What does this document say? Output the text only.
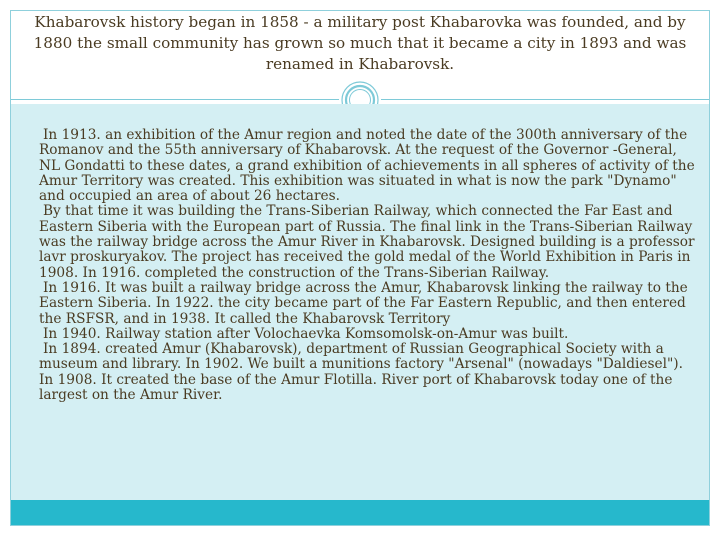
Khabarovsk history began in 1858 - a military post Khabarovka was founded, and by 1880 the small community has grown so much that it became a city in 1893 and was renamed in Khabarovsk.

In 1913. an exhibition of the Amur region and noted the date of the 300th anniversary of the Romanov and the 55th anniversary of Khabarovsk. At the request of the Governor -General, NL Gondatti to these dates, a grand exhibition of achievements in all spheres of activity of the Amur Territory was created. This exhibition was situated in what is now the park "Dynamo" and occupied an area of about 26 hectares.

By that time it was building the Trans-Siberian Railway, which connected the Far East and Eastern Siberia with the European part of Russia. The final link in the Trans-Siberian Railway was the railway bridge across the Amur River in Khabarovsk. Designed building is a professor lavr proskuryakov. The project has received the gold medal of the World Exhibition in Paris in 1908. In 1916. completed the construction of the Trans-Siberian Railway.

In 1916. It was built a railway bridge across the Amur, Khabarovsk linking the railway to the Eastern Siberia. In 1922. the city became part of the Far Eastern Republic, and then entered the RSFSR, and in 1938. It called the Khabarovsk Territory

In 1940. Railway station after Volochaevka Komsomolsk-on-Amur was built.

In 1894. created Amur (Khabarovsk), department of Russian Geographical Society with a museum and library. In 1902. We built a munitions factory "Arsenal" (nowadays "Daldiesel"). In 1908. It created the base of the Amur Flotilla. River port of Khabarovsk today one of the largest on the Amur River.
